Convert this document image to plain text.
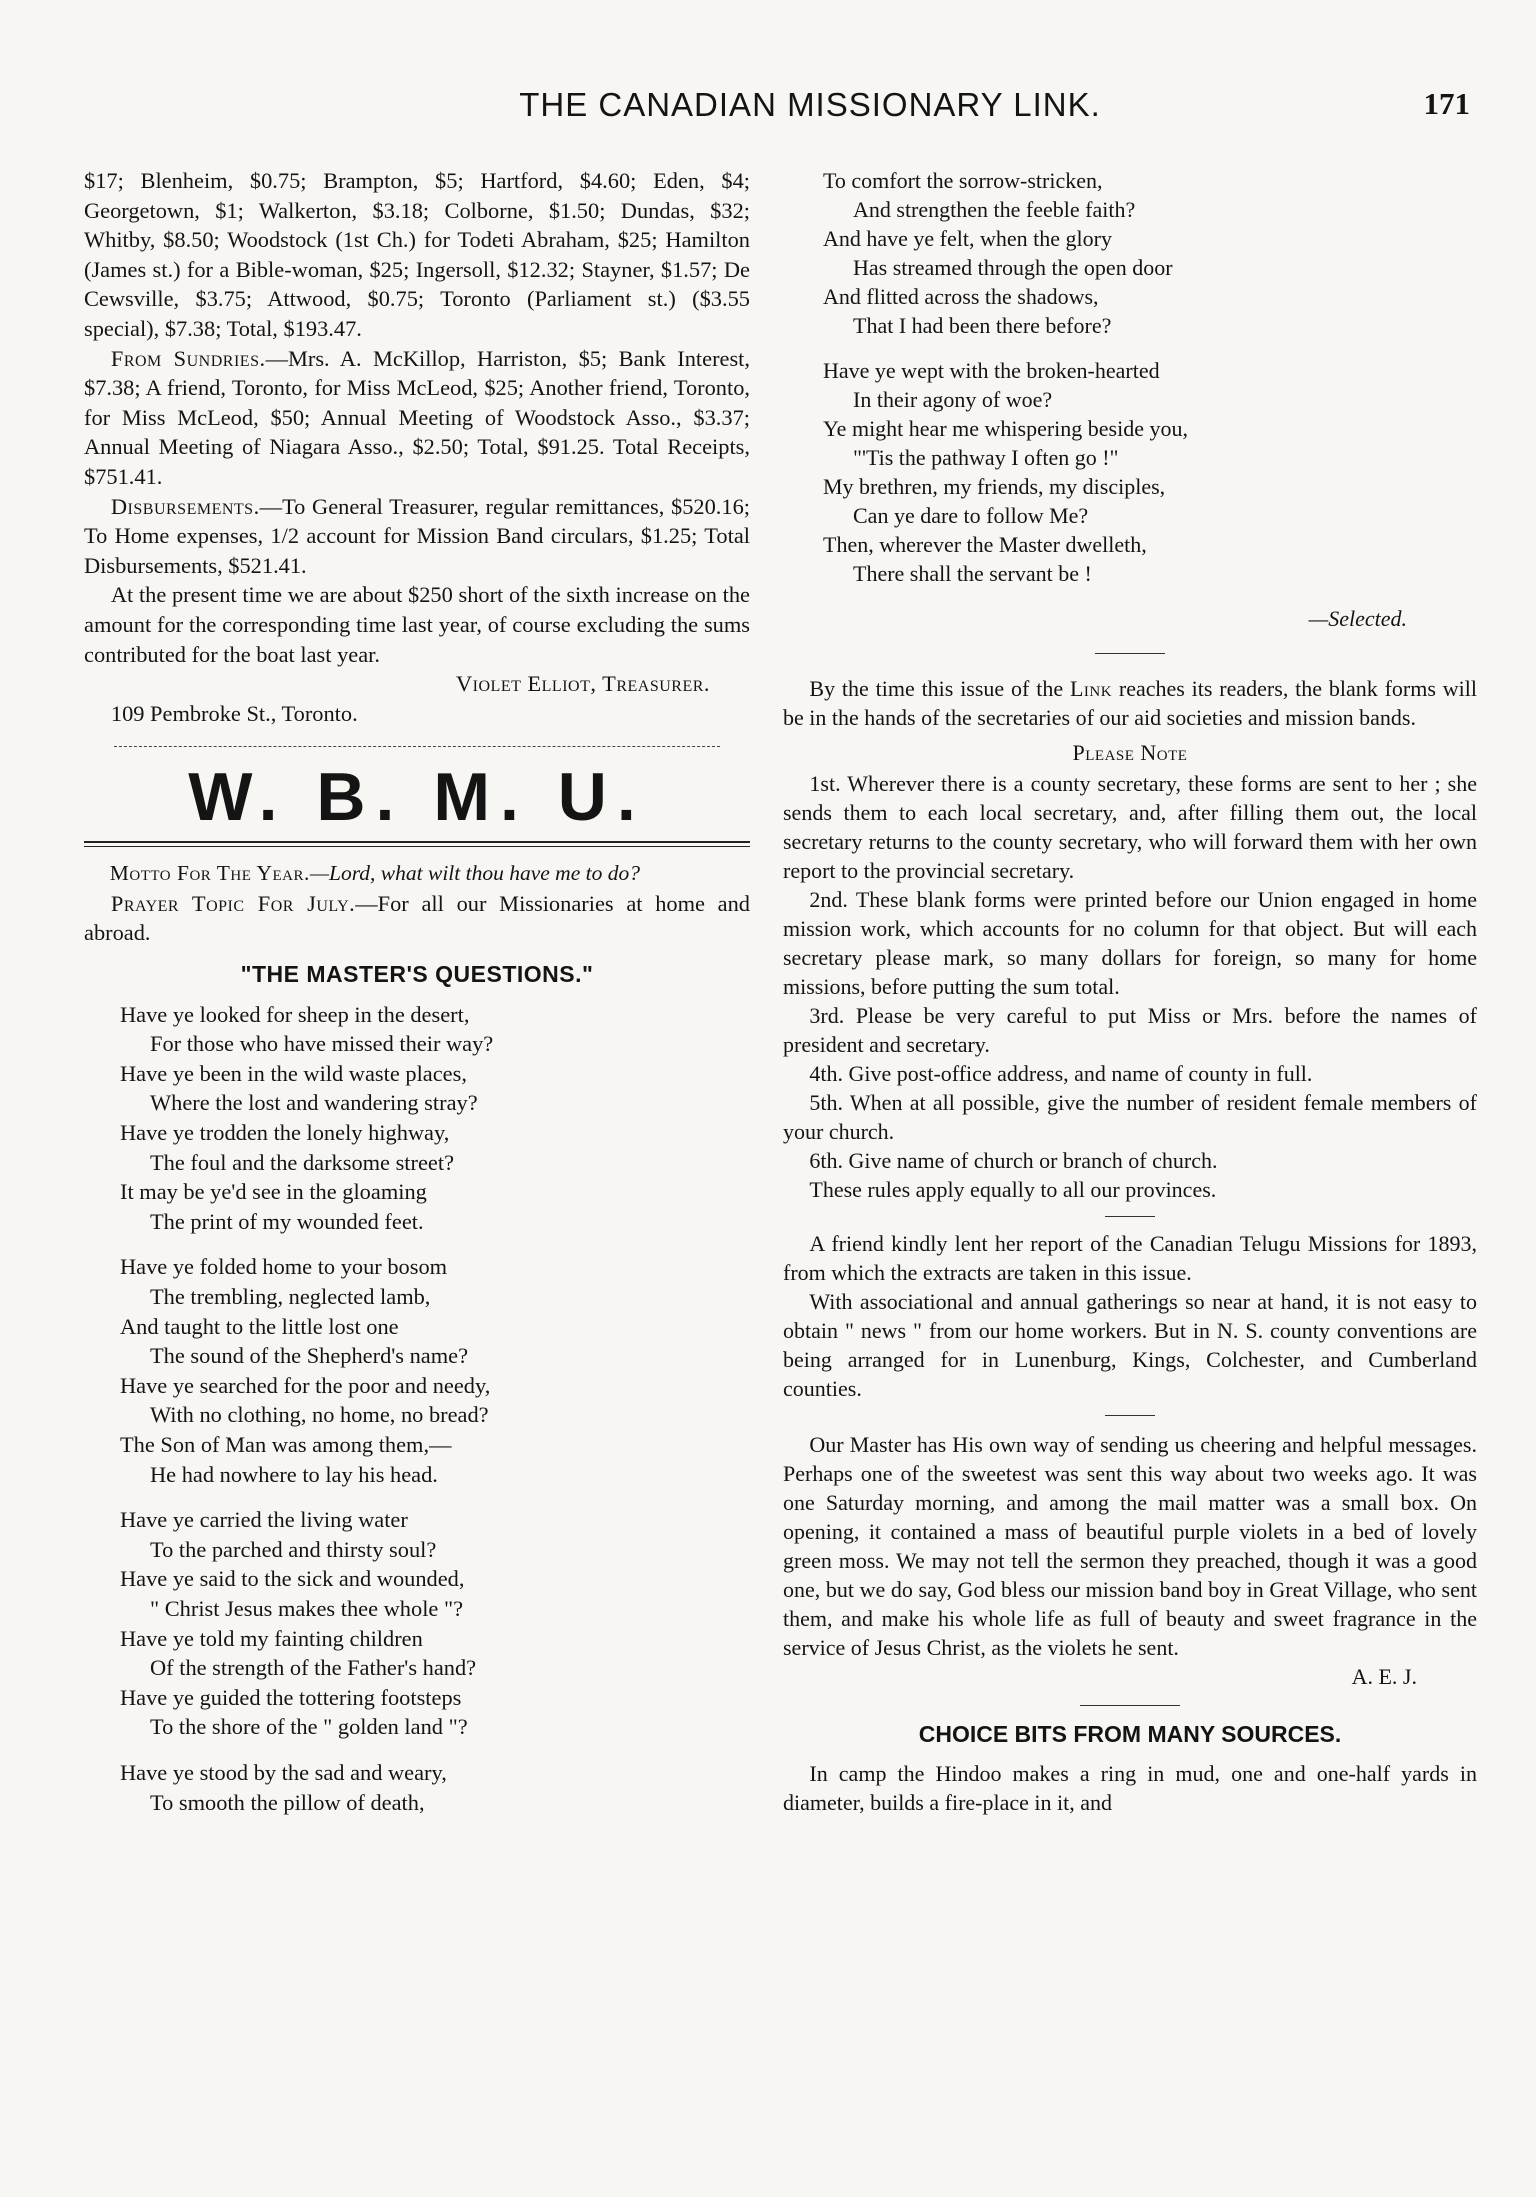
THE CANADIAN MISSIONARY LINK.	171

$17; Blenheim, $0.75; Brampton, $5; Hartford, $4.60; Eden, $4; Georgetown, $1; Walkerton, $3.18; Colborne, $1.50; Dundas, $32; Whitby, $8.50; Woodstock (1st Ch.) for Todeti Abraham, $25; Hamilton (James st.) for a Bible-woman, $25; Ingersoll, $12.32; Stayner, $1.57; De Cewsville, $3.75; Attwood, $0.75; Toronto (Parliament st.) ($3.55 special), $7.38; Total, $193.47.

From Sundries.—Mrs. A. McKillop, Harriston, $5; Bank Interest, $7.38; A friend, Toronto, for Miss McLeod, $25; Another friend, Toronto, for Miss McLeod, $50; Annual Meeting of Woodstock Asso., $3.37; Annual Meeting of Niagara Asso., $2.50; Total, $91.25. Total Receipts, $751.41.

Disbursements.—To General Treasurer, regular remittances, $520.16; To Home expenses, 1/2 account for Mission Band circulars, $1.25; Total Disbursements, $521.41.

At the present time we are about $250 short of the sixth increase on the amount for the corresponding time last year, of course excluding the sums contributed for the boat last year.

Violet Elliot, Treasurer.

109 Pembroke St., Toronto.

W. B. M. U.

Motto For The Year.—Lord, what wilt thou have me to do?

Prayer Topic For July.—For all our Missionaries at home and abroad.

"THE MASTER'S QUESTIONS."
Have ye looked for sheep in the desert,
For those who have missed their way?
Have ye been in the wild waste places,
Where the lost and wandering stray?
Have ye trodden the lonely highway,
The foul and the darksome street?
It may be ye'd see in the gloaming
The print of my wounded feet.
Have ye folded home to your bosom
The trembling, neglected lamb,
And taught to the little lost one
The sound of the Shepherd's name?
Have ye searched for the poor and needy,
With no clothing, no home, no bread?
The Son of Man was among them,—
He had nowhere to lay his head.
Have ye carried the living water
To the parched and thirsty soul?
Have ye said to the sick and wounded,
" Christ Jesus makes thee whole "?
Have ye told my fainting children
Of the strength of the Father's hand?
Have ye guided the tottering footsteps
To the shore of the " golden land "?
Have ye stood by the sad and weary,
To smooth the pillow of death,
To comfort the sorrow-stricken,
And strengthen the feeble faith?
And have ye felt, when the glory
Has streamed through the open door
And flitted across the shadows,
That I had been there before?
Have ye wept with the broken-hearted
In their agony of woe?
Ye might hear me whispering beside you,
"'Tis the pathway I often go !"
My brethren, my friends, my disciples,
Can ye dare to follow Me?
Then, wherever the Master dwelleth,
There shall the servant be !

—Selected.

By the time this issue of the Link reaches its readers, the blank forms will be in the hands of the secretaries of our aid societies and mission bands.

Please Note

1st. Wherever there is a county secretary, these forms are sent to her ; she sends them to each local secretary, and, after filling them out, the local secretary returns to the county secretary, who will forward them with her own report to the provincial secretary.

2nd. These blank forms were printed before our Union engaged in home mission work, which accounts for no column for that object. But will each secretary please mark, so many dollars for foreign, so many for home missions, before putting the sum total.

3rd. Please be very careful to put Miss or Mrs. before the names of president and secretary.

4th. Give post-office address, and name of county in full.

5th. When at all possible, give the number of resident female members of your church.

6th. Give name of church or branch of church.

These rules apply equally to all our provinces.

A friend kindly lent her report of the Canadian Telugu Missions for 1893, from which the extracts are taken in this issue.

With associational and annual gatherings so near at hand, it is not easy to obtain " news " from our home workers. But in N. S. county conventions are being arranged for in Lunenburg, Kings, Colchester, and Cumberland counties.

Our Master has His own way of sending us cheering and helpful messages. Perhaps one of the sweetest was sent this way about two weeks ago. It was one Saturday morning, and among the mail matter was a small box. On opening, it contained a mass of beautiful purple violets in a bed of lovely green moss. We may not tell the sermon they preached, though it was a good one, but we do say, God bless our mission band boy in Great Village, who sent them, and make his whole life as full of beauty and sweet fragrance in the service of Jesus Christ, as the violets he sent.

A. E. J.

CHOICE BITS FROM MANY SOURCES.

In camp the Hindoo makes a ring in mud, one and one-half yards in diameter, builds a fire-place in it, and
